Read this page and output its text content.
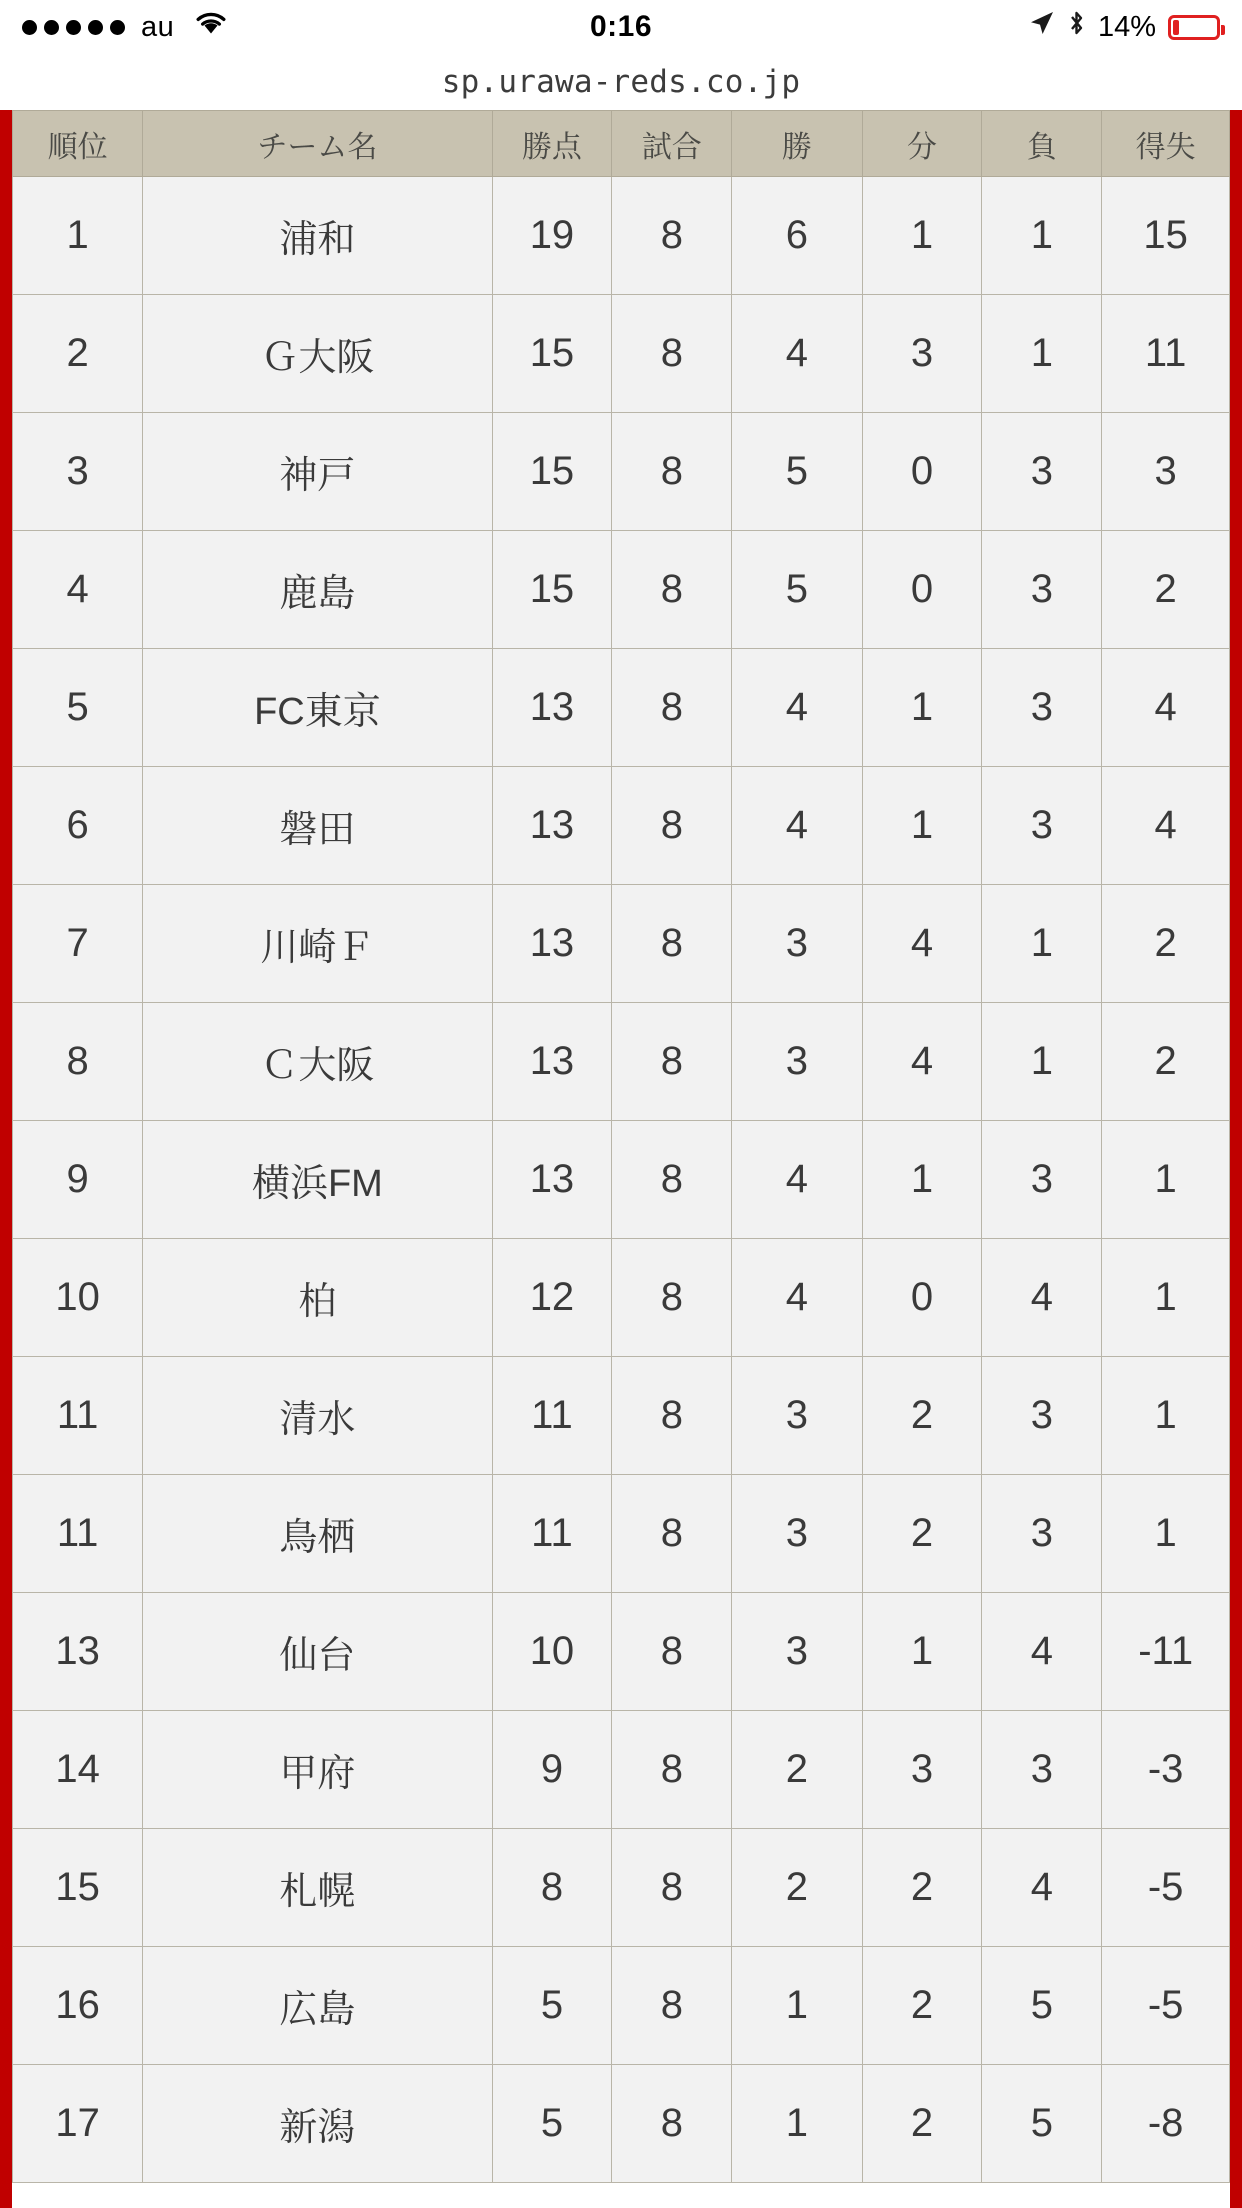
au	0:16	14%
sp.urawa-reds.co.jp
順位	チーム名	勝点	試合	勝	分	負	得失
1	浦和	19	8	6	1	1	15
2	Ｇ大阪	15	8	4	3	1	11
3	神戸	15	8	5	0	3	3
4	鹿島	15	8	5	0	3	2
5	FC東京	13	8	4	1	3	4
6	磐田	13	8	4	1	3	4
7	川崎Ｆ	13	8	3	4	1	2
8	Ｃ大阪	13	8	3	4	1	2
9	横浜FM	13	8	4	1	3	1
10	柏	12	8	4	0	4	1
11	清水	11	8	3	2	3	1
11	鳥栖	11	8	3	2	3	1
13	仙台	10	8	3	1	4	-11
14	甲府	9	8	2	3	3	-3
15	札幌	8	8	2	2	4	-5
16	広島	5	8	1	2	5	-5
17	新潟	5	8	1	2	5	-8
